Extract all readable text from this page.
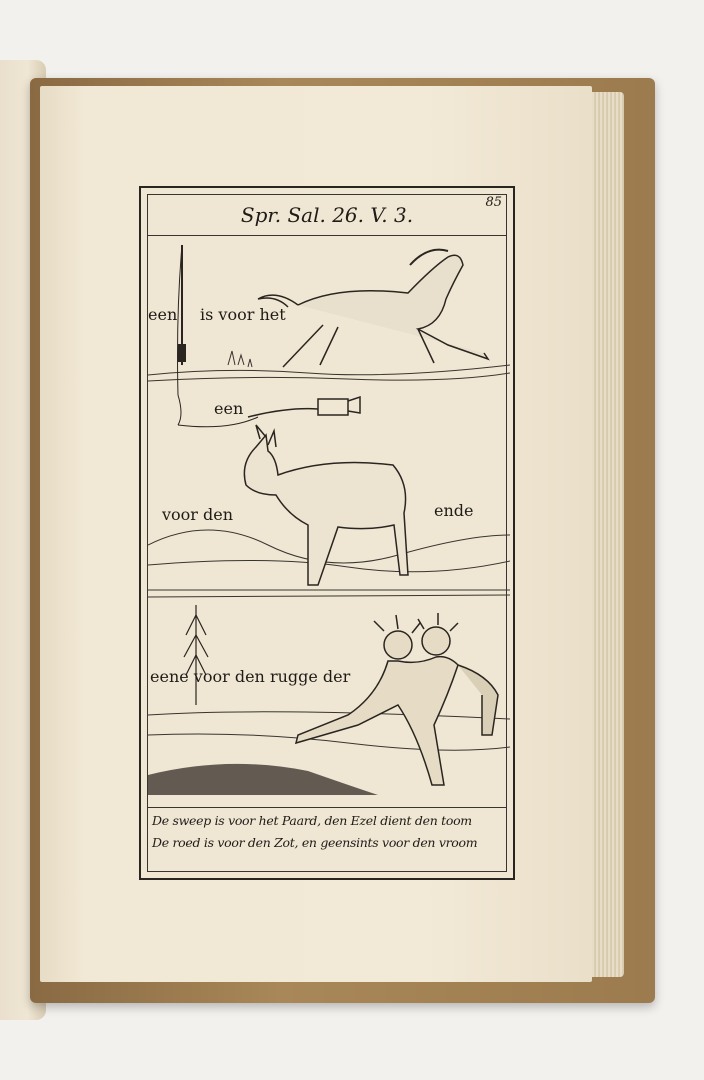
Spr. Sal. 26. V. 3.
85
een is voor het
een
voor den	ende
eene voor den rugge der
De sweep is voor het Paard, den Ezel dient den toom
De roed is voor den Zot, en geensints voor den vroom
